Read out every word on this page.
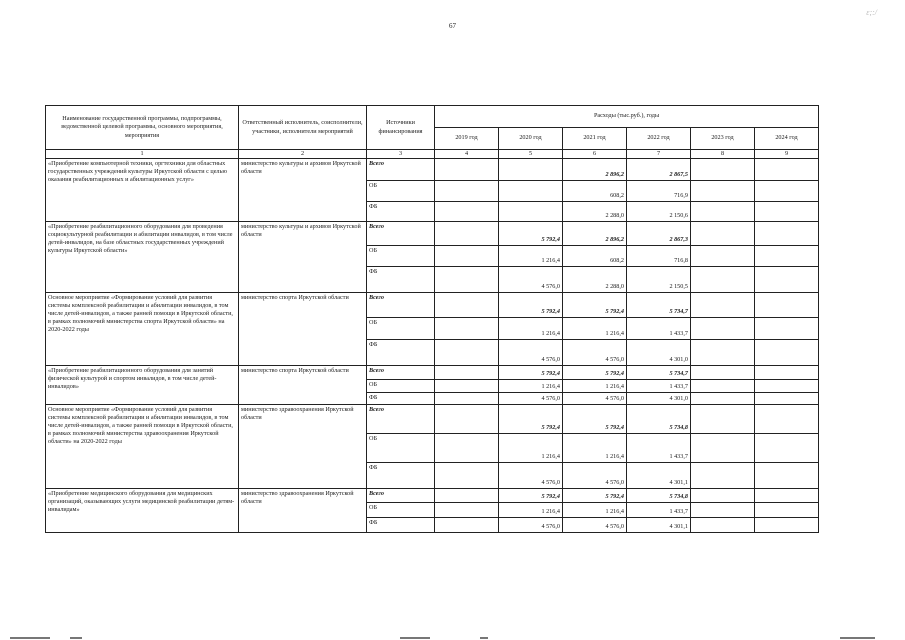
ɛ;:/
67
Наименование государственной программы, подпрограммы, ведомственной целевой программы, основного мероприятия, мероприятия	Ответственный исполнитель, соисполнители, участники, исполнители мероприятий	Источники финансирования	Расходы (тыс.руб.), годы					
			2019 год	2020 год	2021 год	2022 год	2023 год	2024 год
1	2	3	4	5	6	7	8	9
«Приобретение компьютерной техники, оргтехники для областных государственных учреждений культуры Иркутской области с целью оказания реабилитационных и абилитационных услуг»	министерство культуры и архивов Иркутской области	Всего			2 896,2	2 867,5		
		ОБ			608,2	716,9		
		ФБ			2 288,0	2 150,6		
«Приобретение реабилитационного оборудования для проведения социокультурной реабилитации и абилитации инвалидов, в том числе детей-инвалидов, на базе областных государственных учреждений культуры Иркутской области»	министерство культуры и архивов Иркутской области	Всего		5 792,4	2 896,2	2 867,3		
		ОБ		1 216,4	608,2	716,8		
		ФБ		4 576,0	2 288,0	2 150,5		
Основное мероприятие «Формирование условий для развития системы комплексной реабилитации и абилитации инвалидов, в том числе детей-инвалидов, а также ранней помощи в Иркутской области, в рамках полномочий министерства спорта Иркутской области» на 2020-2022 годы	министерство спорта Иркутской области	Всего		5 792,4	5 792,4	5 734,7		
		ОБ		1 216,4	1 216,4	1 433,7		
		ФБ		4 576,0	4 576,0	4 301,0		
«Приобретение реабилитационного оборудования для занятий физической культурой и спортом инвалидов, в том числе детей-инвалидов»	министерство спорта Иркутской области	Всего		5 792,4	5 792,4	5 734,7		
		ОБ		1 216,4	1 216,4	1 433,7		
		ФБ		4 576,0	4 576,0	4 301,0		
Основное мероприятие «Формирование условий для развития системы комплексной реабилитации и абилитации инвалидов, в том числе детей-инвалидов, а также ранней помощи в Иркутской области, в рамках полномочий министерства здравоохранения Иркутской области» на 2020-2022 годы	министерство здравоохранения Иркутской области	Всего		5 792,4	5 792,4	5 734,8		
		ОБ		1 216,4	1 216,4	1 433,7		
		ФБ		4 576,0	4 576,0	4 301,1		
«Приобретение медицинского оборудования для медицинских организаций, оказывающих услуги медицинской реабилитации детям-инвалидам»	министерство здравоохранения Иркутской области	Всего		5 792,4	5 792,4	5 734,8		
		ОБ		1 216,4	1 216,4	1 433,7		
		ФБ		4 576,0	4 576,0	4 301,1		
